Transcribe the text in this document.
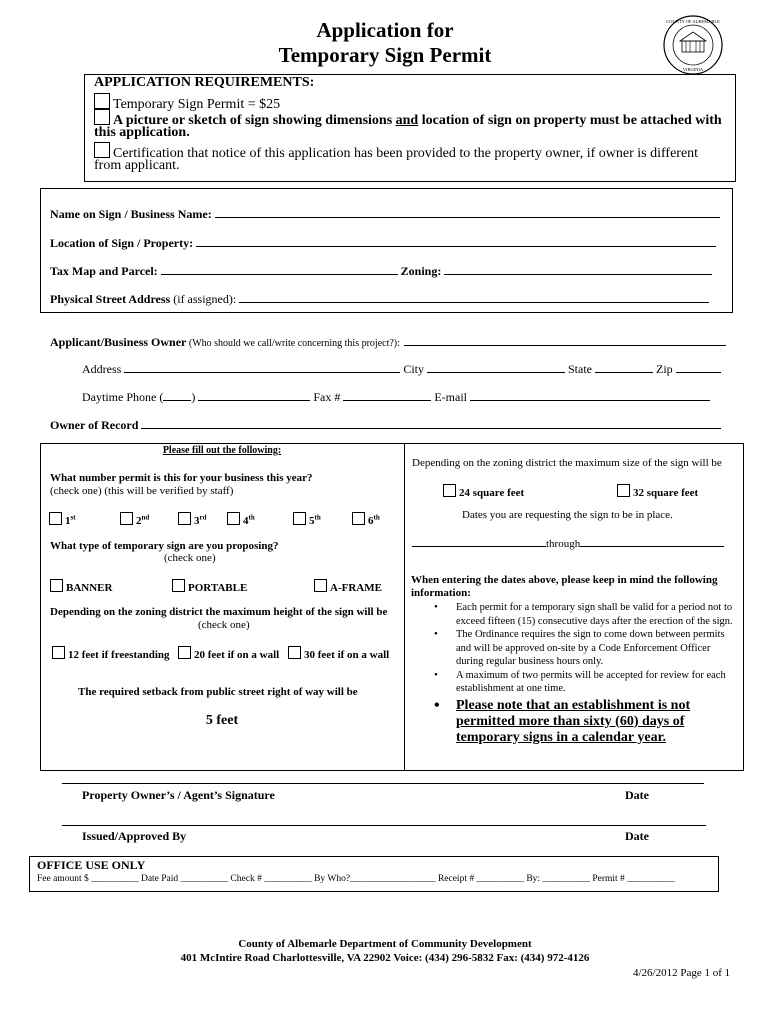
Application for
Temporary Sign Permit
COUNTY OF ALBEMARLE
VIRGINIA
APPLICATION REQUIREMENTS:
Temporary Sign Permit = $25
A picture or sketch of sign showing dimensions and location of sign on property must be attached with
this application.
Certification that notice of this application has been provided to the property owner, if owner is different
from applicant.
Name on Sign / Business Name:
Location of Sign / Property:
Tax Map and Parcel:	Zoning:
Physical Street Address (if assigned):
Applicant/Business Owner (Who should we call/write concerning this project?):
Address	City	State	Zip
Daytime Phone ( )	Fax #	E-mail
Owner of Record
Please fill out the following:
What number permit is this for your business this year?
(check one) (this will be verified by staff)
1st	2nd	3rd	4th	5th	6th
What type of temporary sign are you proposing?
(check one)
BANNER	PORTABLE	A-FRAME
Depending on the zoning district the maximum height of the sign will be
(check one)
12 feet if freestanding 20 feet if on a wall 30 feet if on a wall
The required setback from public street right of way will be
5 feet
Depending on the zoning district the maximum size of the sign will be
24 square feet	32 square feet
Dates you are requesting the sign to be in place.
through
When entering the dates above, please keep in mind the following information:
• Each permit for a temporary sign shall be valid for a period not to exceed fifteen (15) consecutive days after the erection of the sign.
• The Ordinance requires the sign to come down between permits and will be approved on-site by a Code Enforcement Officer during regular business hours only.
• A maximum of two permits will be accepted for review for each establishment at one time.
• Please note that an establishment is not permitted more than sixty (60) days of temporary signs in a calendar year.
Property Owner’s / Agent’s Signature	Date
Issued/Approved By	Date
OFFICE USE ONLY
Fee amount $ __________ Date Paid __________ Check # __________ By Who?__________________ Receipt # __________ By: __________ Permit # __________
County of Albemarle Department of Community Development
401 McIntire Road Charlottesville, VA 22902 Voice: (434) 296-5832 Fax: (434) 972-4126
4/26/2012 Page 1 of 1
